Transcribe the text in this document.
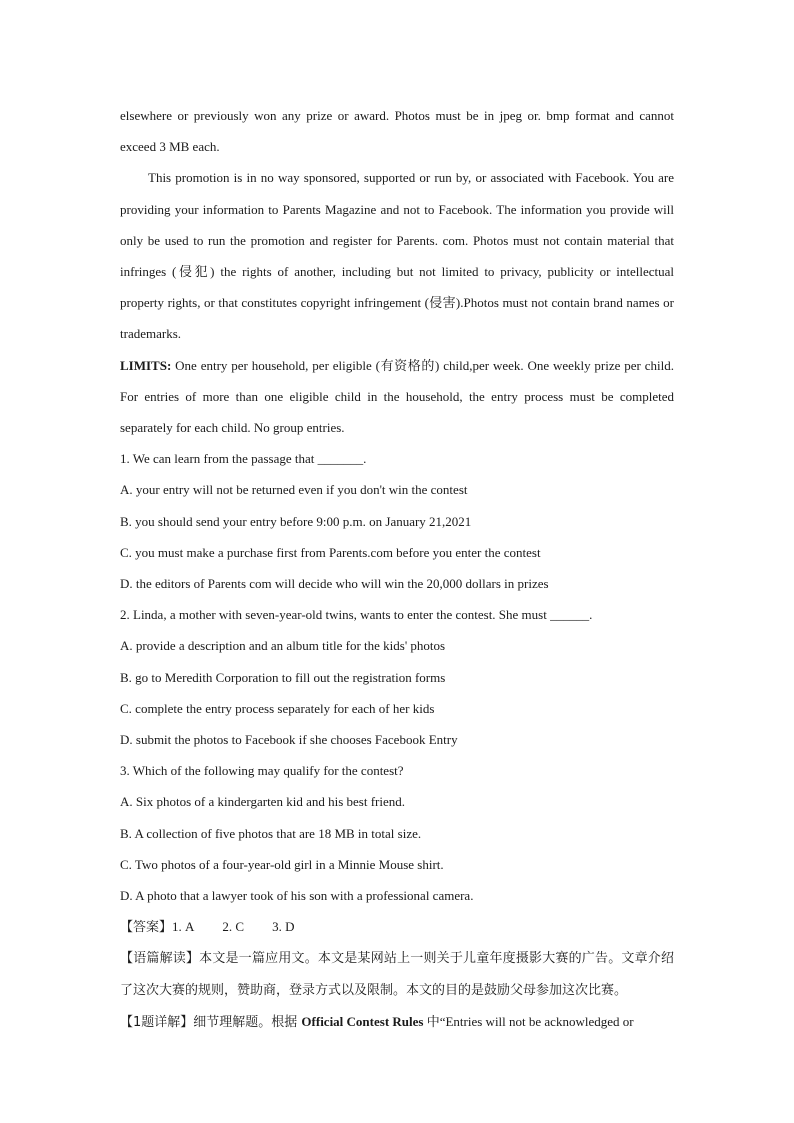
elsewhere or previously won any prize or award. Photos must be in jpeg or. bmp format and cannot exceed 3 MB each.

This promotion is in no way sponsored, supported or run by, or associated with Facebook. You are providing your information to Parents Magazine and not to Facebook. The information you provide will only be used to run the promotion and register for Parents. com. Photos must not contain material that infringes (侵犯) the rights of another, including but not limited to privacy, publicity or intellectual property rights, or that constitutes copyright infringement (侵害).Photos must not contain brand names or trademarks.

LIMITS: One entry per household, per eligible (有资格的) child,per week. One weekly prize per child. For entries of more than one eligible child in the household, the entry process must be completed separately for each child. No group entries.

1. We can learn from the passage that _______.

A. your entry will not be returned even if you don't win the contest

B. you should send your entry before 9:00 p.m. on January 21,2021

C. you must make a purchase first from Parents.com before you enter the contest

D. the editors of Parents com will decide who will win the 20,000 dollars in prizes

2. Linda, a mother with seven-year-old twins, wants to enter the contest. She must ______.

A. provide a description and an album title for the kids' photos

B. go to Meredith Corporation to fill out the registration forms

C. complete the entry process separately for each of her kids

D. submit the photos to Facebook if she chooses Facebook Entry

3. Which of the following may qualify for the contest?

A. Six photos of a kindergarten kid and his best friend.

B. A collection of five photos that are 18 MB in total size.

C. Two photos of a four-year-old girl in a Minnie Mouse shirt.

D. A photo that a lawyer took of his son with a professional camera.

【答案】1. A 2. C 3. D

【语篇解读】本文是一篇应用文。本文是某网站上一则关于儿童年度摄影大赛的广告。文章介绍了这次大赛的规则，赞助商，登录方式以及限制。本文的目的是鼓励父母参加这次比赛。

【1题详解】细节理解题。根据 Official Contest Rules 中“Entries will not be acknowledged or
